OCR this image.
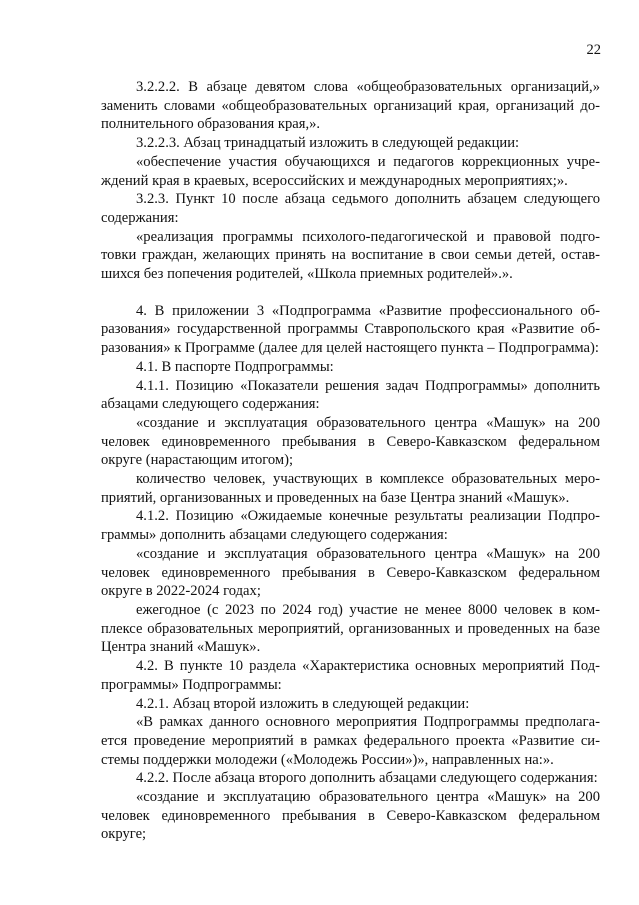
22

3.2.2.2. В абзаце девятом слова «общеобразовательных организаций,» заменить словами «общеобразовательных организаций края, организаций дополнительного образования края,».

3.2.2.3. Абзац тринадцатый изложить в следующей редакции:

«обеспечение участия обучающихся и педагогов коррекционных учреждений края в краевых, всероссийских и международных мероприятиях;».

3.2.3. Пункт 10 после абзаца седьмого дополнить абзацем следующего содержания:

«реализация программы психолого-педагогической и правовой подготовки граждан, желающих принять на воспитание в свои семьи детей, оставшихся без попечения родителей, «Школа приемных родителей».».

4. В приложении 3 «Подпрограмма «Развитие профессионального образования» государственной программы Ставропольского края «Развитие образования» к Программе (далее для целей настоящего пункта – Подпрограмма):

4.1. В паспорте Подпрограммы:

4.1.1. Позицию «Показатели решения задач Подпрограммы» дополнить абзацами следующего содержания:

«создание и эксплуатация образовательного центра «Машук» на 200 человек единовременного пребывания в Северо-Кавказском федеральном округе (нарастающим итогом);

количество человек, участвующих в комплексе образовательных мероприятий, организованных и проведенных на базе Центра знаний «Машук».

4.1.2. Позицию «Ожидаемые конечные результаты реализации Подпрограммы» дополнить абзацами следующего содержания:

«создание и эксплуатация образовательного центра «Машук» на 200 человек единовременного пребывания в Северо-Кавказском федеральном округе в 2022-2024 годах;

ежегодное (с 2023 по 2024 год) участие не менее 8000 человек в комплексе образовательных мероприятий, организованных и проведенных на базе Центра знаний «Машук».

4.2. В пункте 10 раздела «Характеристика основных мероприятий Подпрограммы» Подпрограммы:

4.2.1. Абзац второй изложить в следующей редакции:

«В рамках данного основного мероприятия Подпрограммы предполагается проведение мероприятий в рамках федерального проекта «Развитие системы поддержки молодежи («Молодежь России»)», направленных на:».

4.2.2. После абзаца второго дополнить абзацами следующего содержания:

«создание и эксплуатацию образовательного центра «Машук» на 200 человек единовременного пребывания в Северо-Кавказском федеральном округе;
